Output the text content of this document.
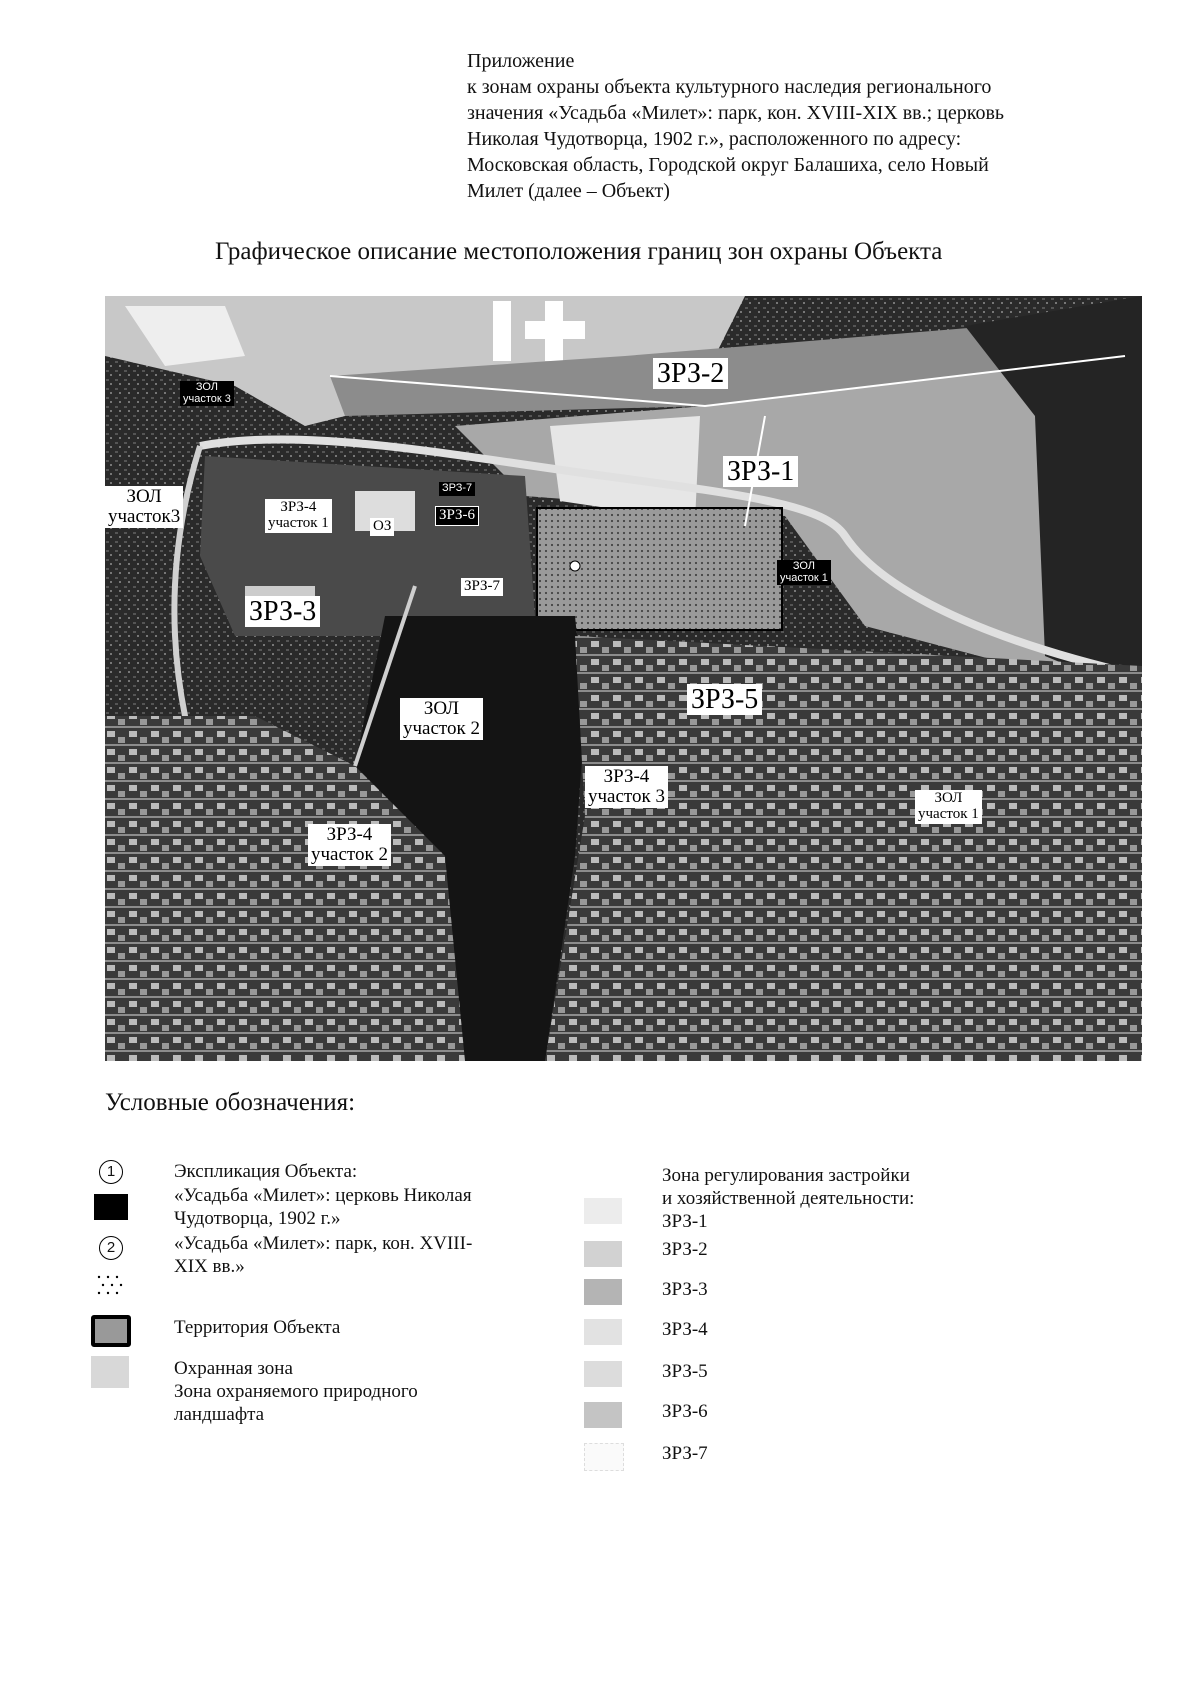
Приложение
к зонам охраны объекта культурного наследия регионального
значения «Усадьба «Милет»: парк, кон. XVIII-XIX вв.; церковь
Николая Чудотворца, 1902 г.», расположенного по адресу:
Московская область, Городской округ Балашиха, село Новый
Милет (далее – Объект)
Графическое описание местоположения границ зон охраны Объекта
ЗРЗ-2
ЗРЗ-1
ЗОЛ
участок3	ЗРЗ-4
участок 1	ОЗ
ЗРЗ-6
ЗРЗ-7
ЗРЗ-3
ЗОЛ
участок 2
ЗРЗ-5
ЗРЗ-4
участок 3	ЗОЛ
участок 1
ЗРЗ-4
участок 2
ЗОЛ
участок 3
ЗОЛ
участок 1
ЗРЗ-7
Условные обозначения:
1
2
Экспликация Объекта:
«Усадьба «Милет»: церковь Николая
Чудотворца, 1902 г.»
«Усадьба «Милет»: парк, кон. XVIII-
XIX вв.»
Территория Объекта
Охранная зона
Зона охраняемого природного
ландшафта
Зона регулирования застройки
и хозяйственной деятельности:
ЗРЗ-1
ЗРЗ-2
ЗРЗ-3
ЗРЗ-4
ЗРЗ-5
ЗРЗ-6
ЗРЗ-7
